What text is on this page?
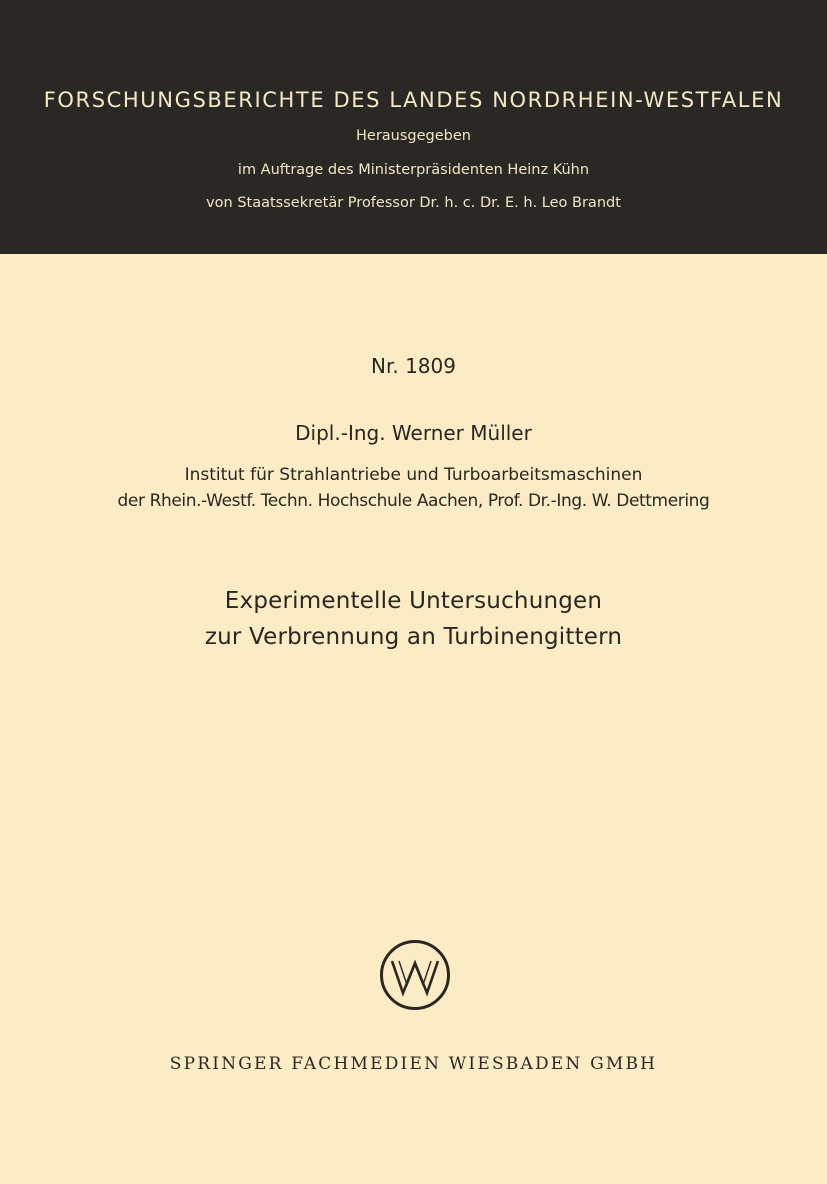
FORSCHUNGSBERICHTE DES LANDES NORDRHEIN-WESTFALEN
Herausgegeben
im Auftrage des Ministerpräsidenten Heinz Kühn
von Staatssekretär Professor Dr. h. c. Dr. E. h. Leo Brandt
Nr. 1809
Dipl.-Ing. Werner Müller
Institut für Strahlantriebe und Turboarbeitsmaschinen
der Rhein.-Westf. Techn. Hochschule Aachen, Prof. Dr.-Ing. W. Dettmering
Experimentelle Untersuchungen
zur Verbrennung an Turbinengittern
SPRINGER FACHMEDIEN WIESBADEN GMBH
